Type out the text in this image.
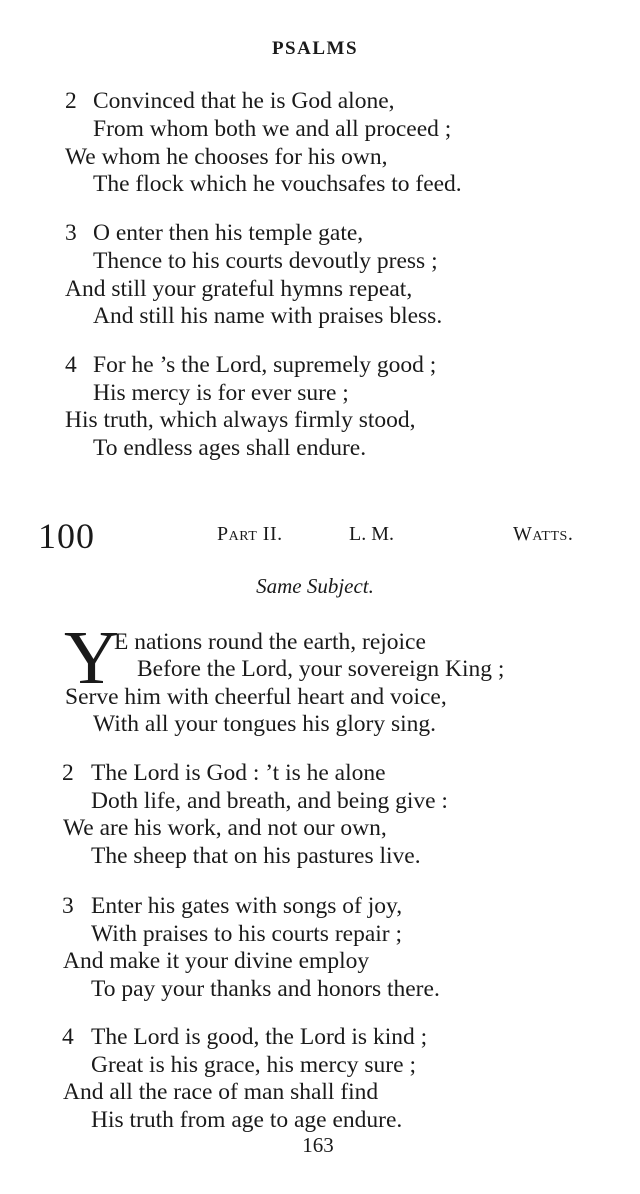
PSALMS
2 Convinced that he is God alone,
From whom both we and all proceed ;
We whom he chooses for his own,
The flock which he vouchsafes to feed.
3 O enter then his temple gate,
Thence to his courts devoutly press ;
And still your grateful hymns repeat,
And still his name with praises bless.
4 For he ’s the Lord, supremely good ;
His mercy is for ever sure ;
His truth, which always firmly stood,
To endless ages shall endure.
100	Part II.	L. M.	Watts.
Same Subject.
Y
E nations round the earth, rejoice
Before the Lord, your sovereign King ;
Serve him with cheerful heart and voice,
With all your tongues his glory sing.
2 The Lord is God : ’t is he alone
Doth life, and breath, and being give :
We are his work, and not our own,
The sheep that on his pastures live.
3 Enter his gates with songs of joy,
With praises to his courts repair ;
And make it your divine employ
To pay your thanks and honors there.
4 The Lord is good, the Lord is kind ;
Great is his grace, his mercy sure ;
And all the race of man shall find
His truth from age to age endure.
163
